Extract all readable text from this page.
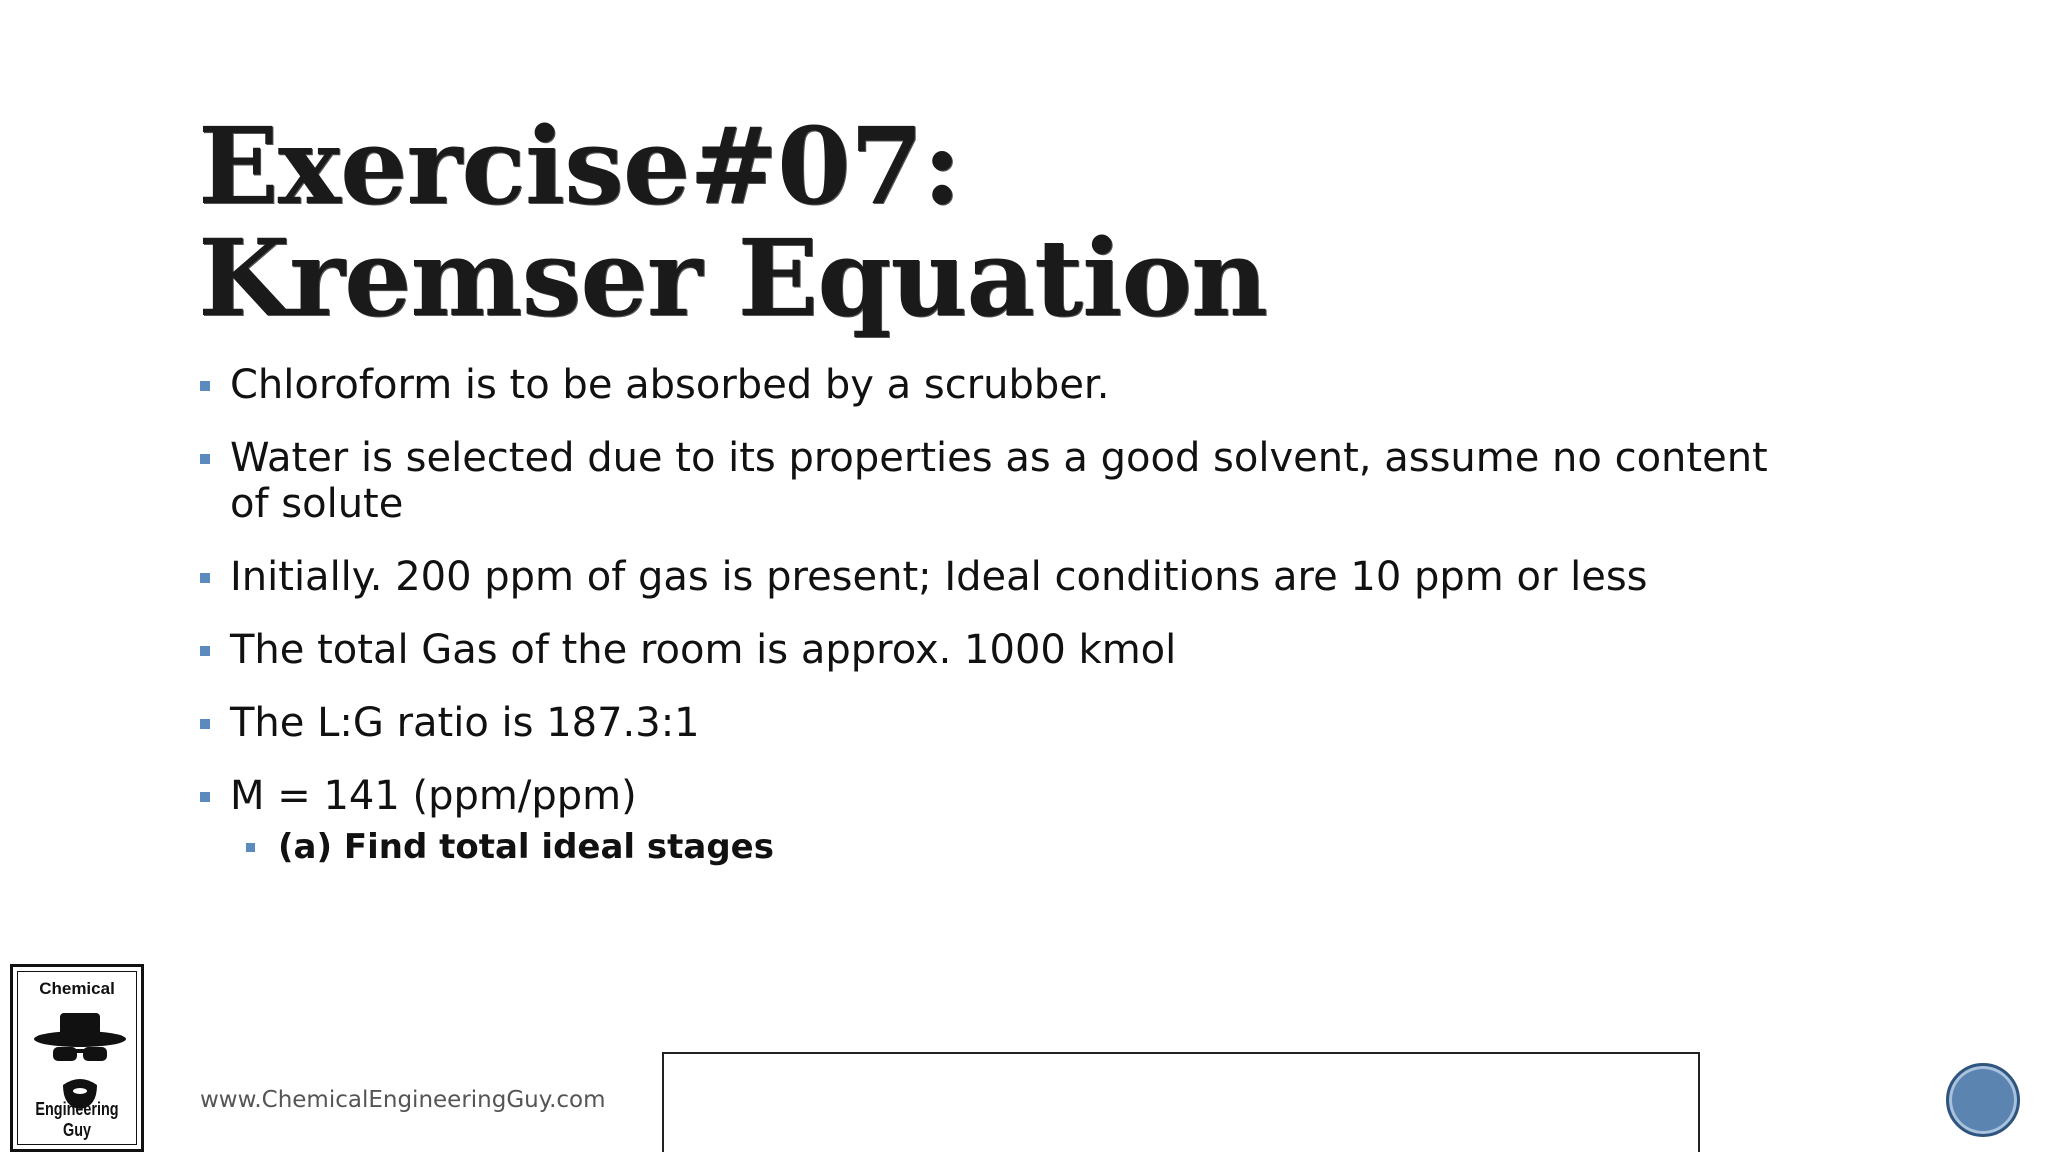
Exercise#07:
Kremser Equation
Chloroform is to be absorbed by a scrubber.
Water is selected due to its properties as a good solvent, assume no content of solute
Initially. 200 ppm of gas is present; Ideal conditions are 10 ppm or less
The total Gas of the room is approx. 1000 kmol
The L:G ratio is 187.3:1
M = 141 (ppm/ppm)
(a) Find total ideal stages
Chemical
Engineering Guy
www.ChemicalEngineeringGuy.com
